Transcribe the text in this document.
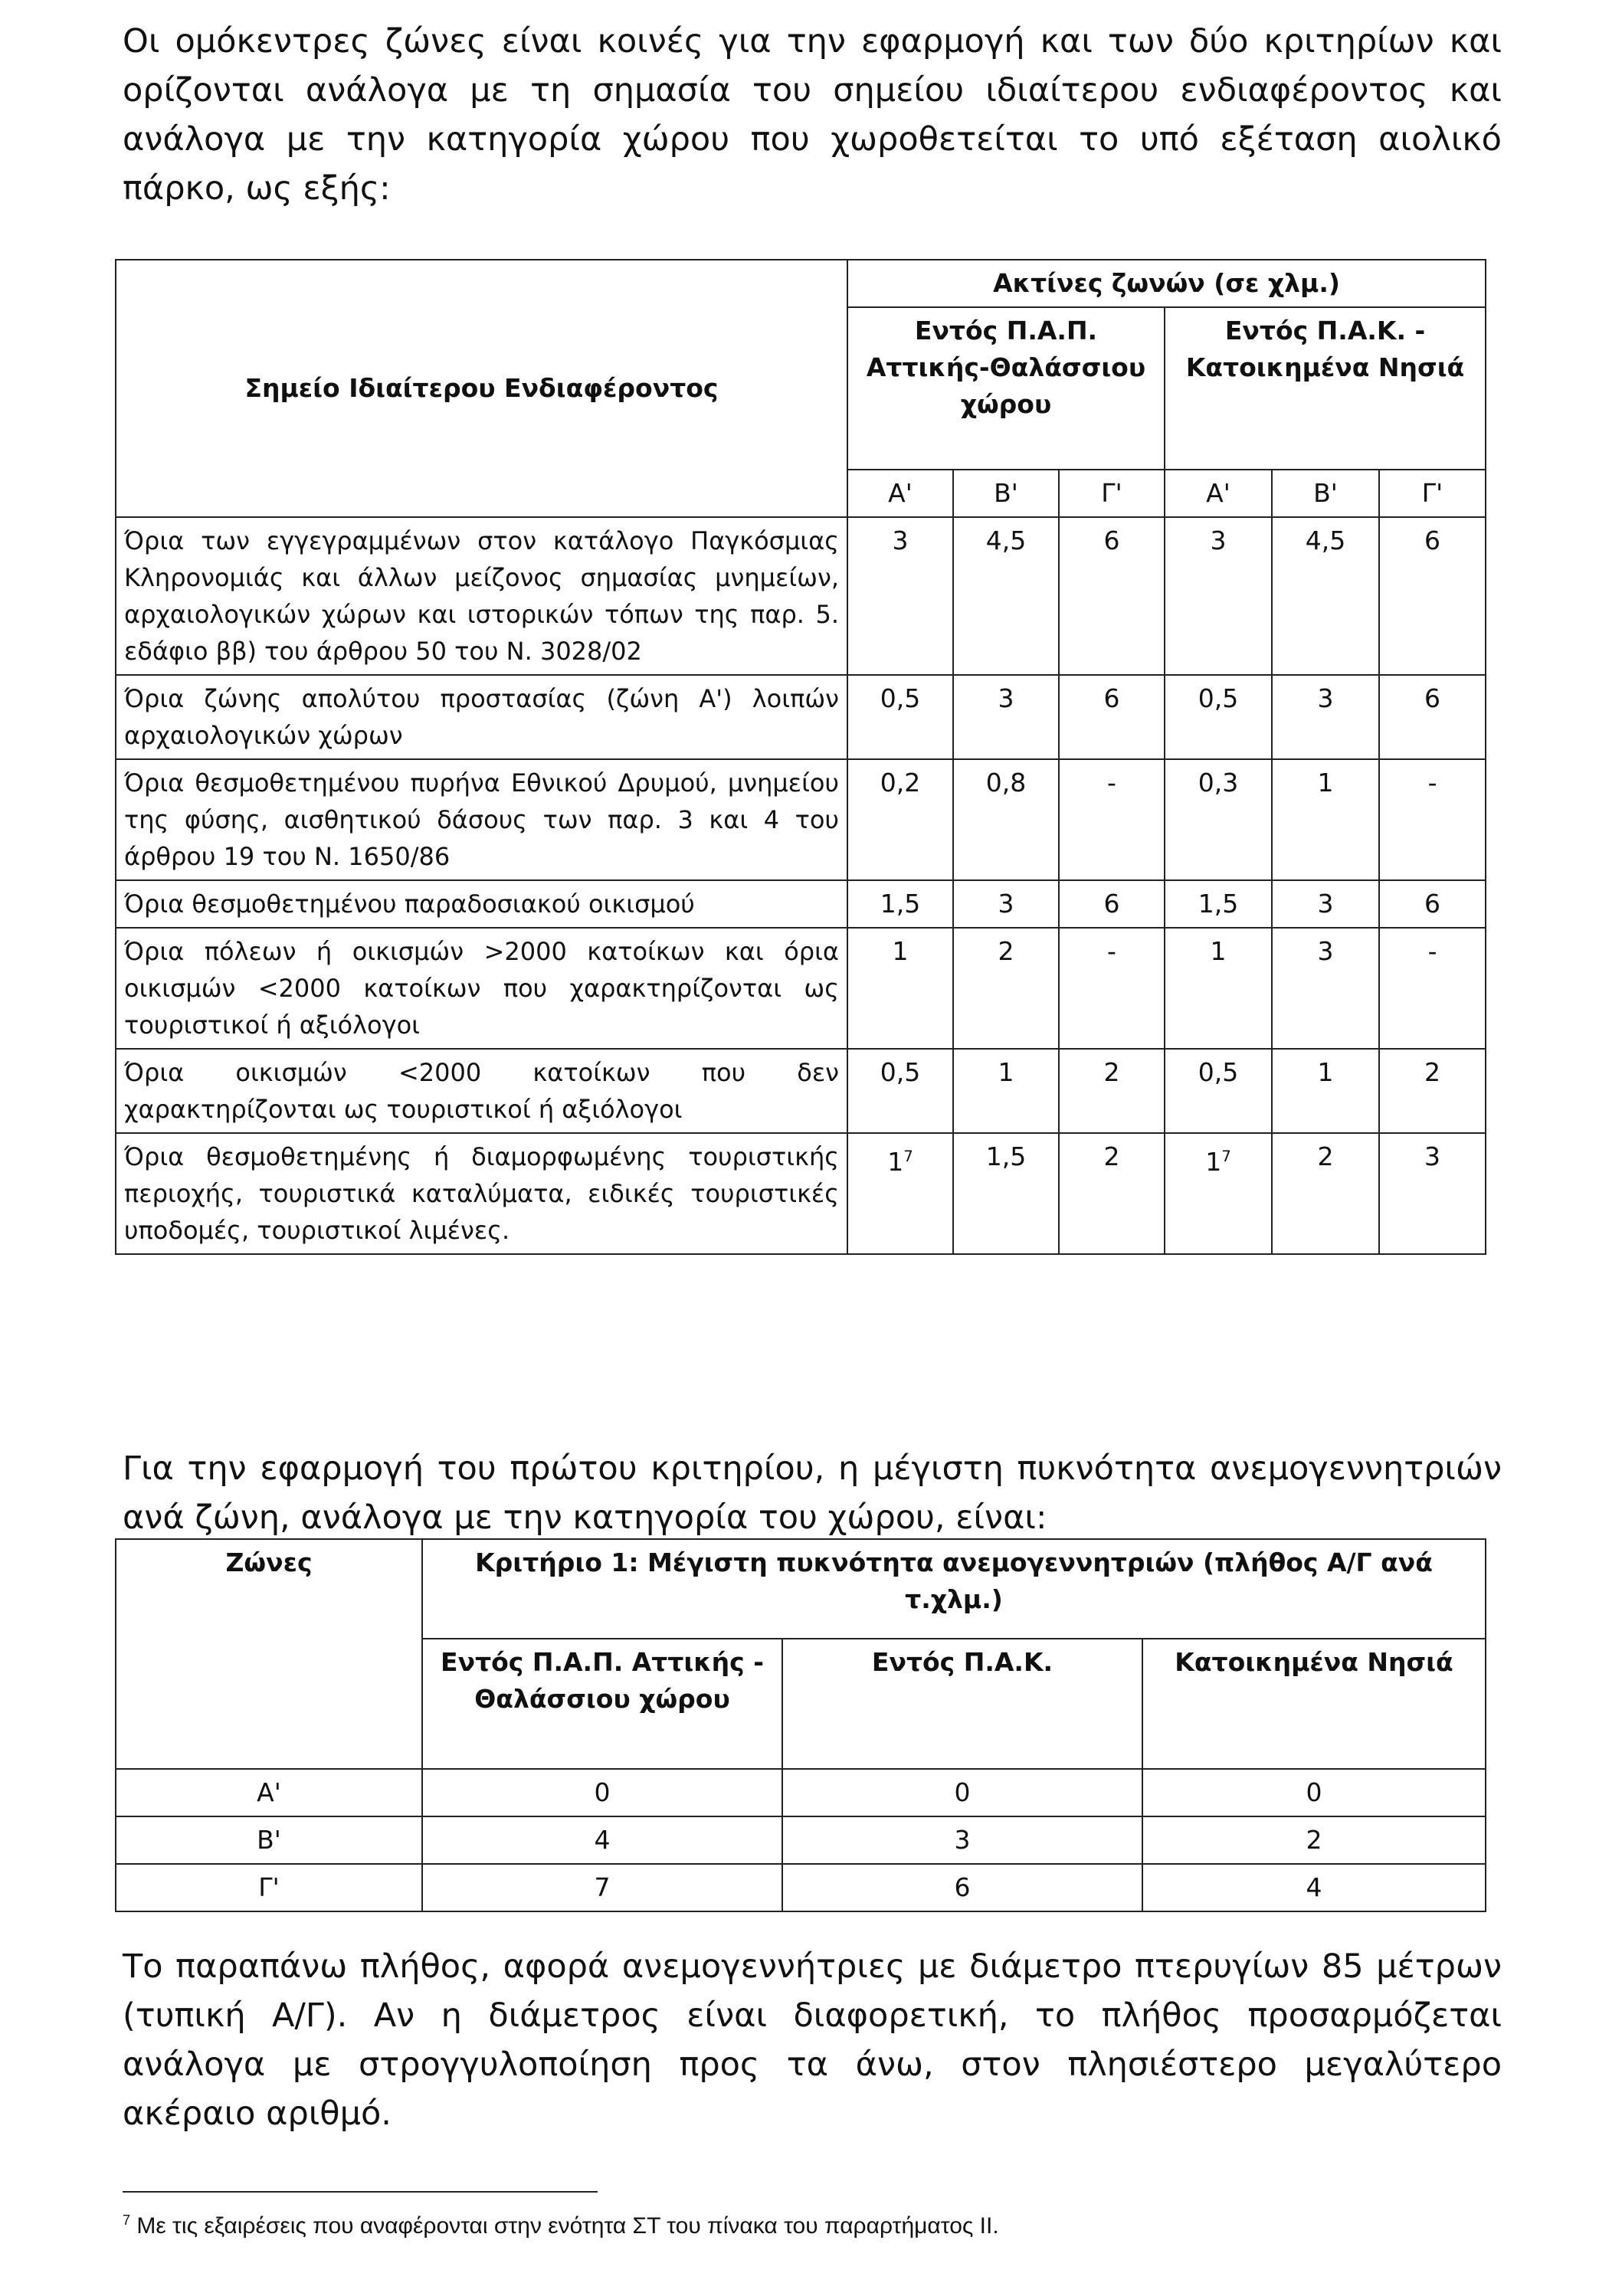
Οι ομόκεντρες ζώνες είναι κοινές για την εφαρμογή και των δύο κριτηρίων και ορίζονται ανάλογα με τη σημασία του σημείου ιδιαίτερου ενδιαφέροντος και ανάλογα με την κατηγορία χώρου που χωροθετείται το υπό εξέταση αιολικό πάρκο, ως εξής:
Σημείο Ιδιαίτερου Ενδιαφέροντος	Ακτίνες ζωνών (σε χλμ.)					
	Εντός Π.Α.Π. Αττικής-Θαλάσσιου χώρου			Εντός Π.Α.Κ. - Κατοικημένα Νησιά		
	Α'	Β'	Γ'	Α'	Β'	Γ'
Όρια των εγγεγραμμένων στον κατάλογο Παγκόσμιας Κληρονομιάς και άλλων μείζονος σημασίας μνημείων, αρχαιολογικών χώρων και ιστορικών τόπων της παρ. 5. εδάφιο ββ) του άρθρου 50 του Ν. 3028/02	3	4,5	6	3	4,5	6
Όρια ζώνης απολύτου προστασίας (ζώνη Α') λοιπών αρχαιολογικών χώρων	0,5	3	6	0,5	3	6
Όρια θεσμοθετημένου πυρήνα Εθνικού Δρυμού, μνημείου της φύσης, αισθητικού δάσους των παρ. 3 και 4 του άρθρου 19 του Ν. 1650/86	0,2	0,8	-	0,3	1	-
Όρια θεσμοθετημένου παραδοσιακού οικισμού	1,5	3	6	1,5	3	6
Όρια πόλεων ή οικισμών >2000 κατοίκων και όρια οικισμών <2000 κατοίκων που χαρακτηρίζονται ως τουριστικοί ή αξιόλογοι	1	2	-	1	3	-
Όρια οικισμών <2000 κατοίκων που δεν χαρακτηρίζονται ως τουριστικοί ή αξιόλογοι	0,5	1	2	0,5	1	2
Όρια θεσμοθετημένης ή διαμορφωμένης τουριστικής περιοχής, τουριστικά καταλύματα, ειδικές τουριστικές υποδομές, τουριστικοί λιμένες.	$1^7$	1,5	2	$1^7$	2	3
Για την εφαρμογή του πρώτου κριτηρίου, η μέγιστη πυκνότητα ανεμογεννητριών ανά ζώνη, ανάλογα με την κατηγορία του χώρου, είναι:
Ζώνες	Κριτήριο 1: Μέγιστη πυκνότητα ανεμογεννητριών (πλήθος Α/Γ ανά τ.χλμ.)		
	Εντός Π.Α.Π. Αττικής - Θαλάσσιου χώρου	Εντός Π.Α.Κ.	Κατοικημένα Νησιά
Α'	0	0	0
Β'	4	3	2
Γ'	7	6	4
Το παραπάνω πλήθος, αφορά ανεμογεννήτριες με διάμετρο πτερυγίων 85 μέτρων (τυπική Α/Γ). Αν η διάμετρος είναι διαφορετική, το πλήθος προσαρμόζεται ανάλογα με στρογγυλοποίηση προς τα άνω, στον πλησιέστερο μεγαλύτερο ακέραιο αριθμό.
$^7$ Με τις εξαιρέσεις που αναφέρονται στην ενότητα ΣΤ του πίνακα του παραρτήματος ΙΙ.
